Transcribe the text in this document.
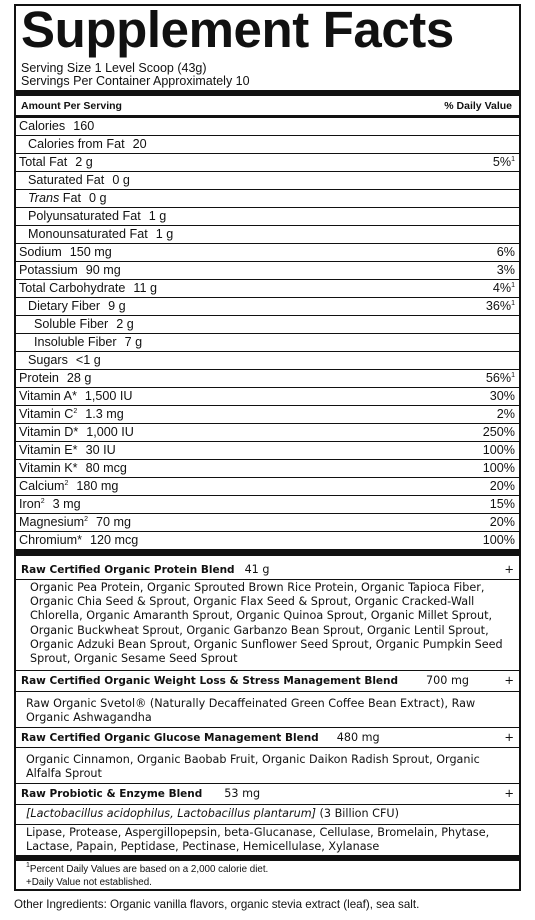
Supplement Facts
Serving Size 1 Level Scoop (43g)
Servings Per Container Approximately 10
Amount Per Serving	% Daily Value
Calories 160
Calories from Fat 20
Total Fat 2 g	5%$^1$
Saturated Fat 0 g
Trans Fat 0 g
Polyunsaturated Fat 1 g
Monounsaturated Fat 1 g
Sodium 150 mg	6%
Potassium 90 mg	3%
Total Carbohydrate 11 g	4%$^1$
Dietary Fiber 9 g	36%$^1$
Soluble Fiber 2 g
Insoluble Fiber 7 g
Sugars <1 g
Protein 28 g	56%$^1$
Vitamin A* 1,500 IU	30%
Vitamin $C^2$ 1.3 mg	2%
Vitamin D* 1,000 IU	250%
Vitamin E* 30 IU	100%
Vitamin K* 80 mcg	100%
Calcium$^2$ 180 mg	20%
Iron$^2$ 3 mg	15%
Magnesium$^2$ 70 mg	20%
Chromium* 120 mcg	100%
Raw Certified Organic Protein Blend 41 g	+
Organic Pea Protein, Organic Sprouted Brown Rice Protein, Organic Tapioca Fiber, Organic Chia Seed & Sprout, Organic Flax Seed & Sprout, Organic Cracked-Wall Chlorella, Organic Amaranth Sprout, Organic Quinoa Sprout, Organic Millet Sprout, Organic Buckwheat Sprout, Organic Garbanzo Bean Sprout, Organic Lentil Sprout, Organic Adzuki Bean Sprout, Organic Sunflower Seed Sprout, Organic Pumpkin Seed Sprout, Organic Sesame Seed Sprout
Raw Certified Organic Weight Loss & Stress Management Blend	700 mg	+
Raw Organic Svetol® (Naturally Decaffeinated Green Coffee Bean Extract), Raw Organic Ashwagandha
Raw Certified Organic Glucose Management Blend 480 mg	+
Organic Cinnamon, Organic Baobab Fruit, Organic Daikon Radish Sprout, Organic Alfalfa Sprout
Raw Probiotic & Enzyme Blend 53 mg	+
[Lactobacillus acidophilus, Lactobacillus plantarum] (3 Billion CFU)
Lipase, Protease, Aspergillopepsin, beta-Glucanase, Cellulase, Bromelain, Phytase, Lactase, Papain, Peptidase, Pectinase, Hemicellulase, Xylanase
$^1$Percent Daily Values are based on a 2,000 calorie diet.
+Daily Value not established.
Other Ingredients: Organic vanilla flavors, organic stevia extract (leaf), sea salt.
